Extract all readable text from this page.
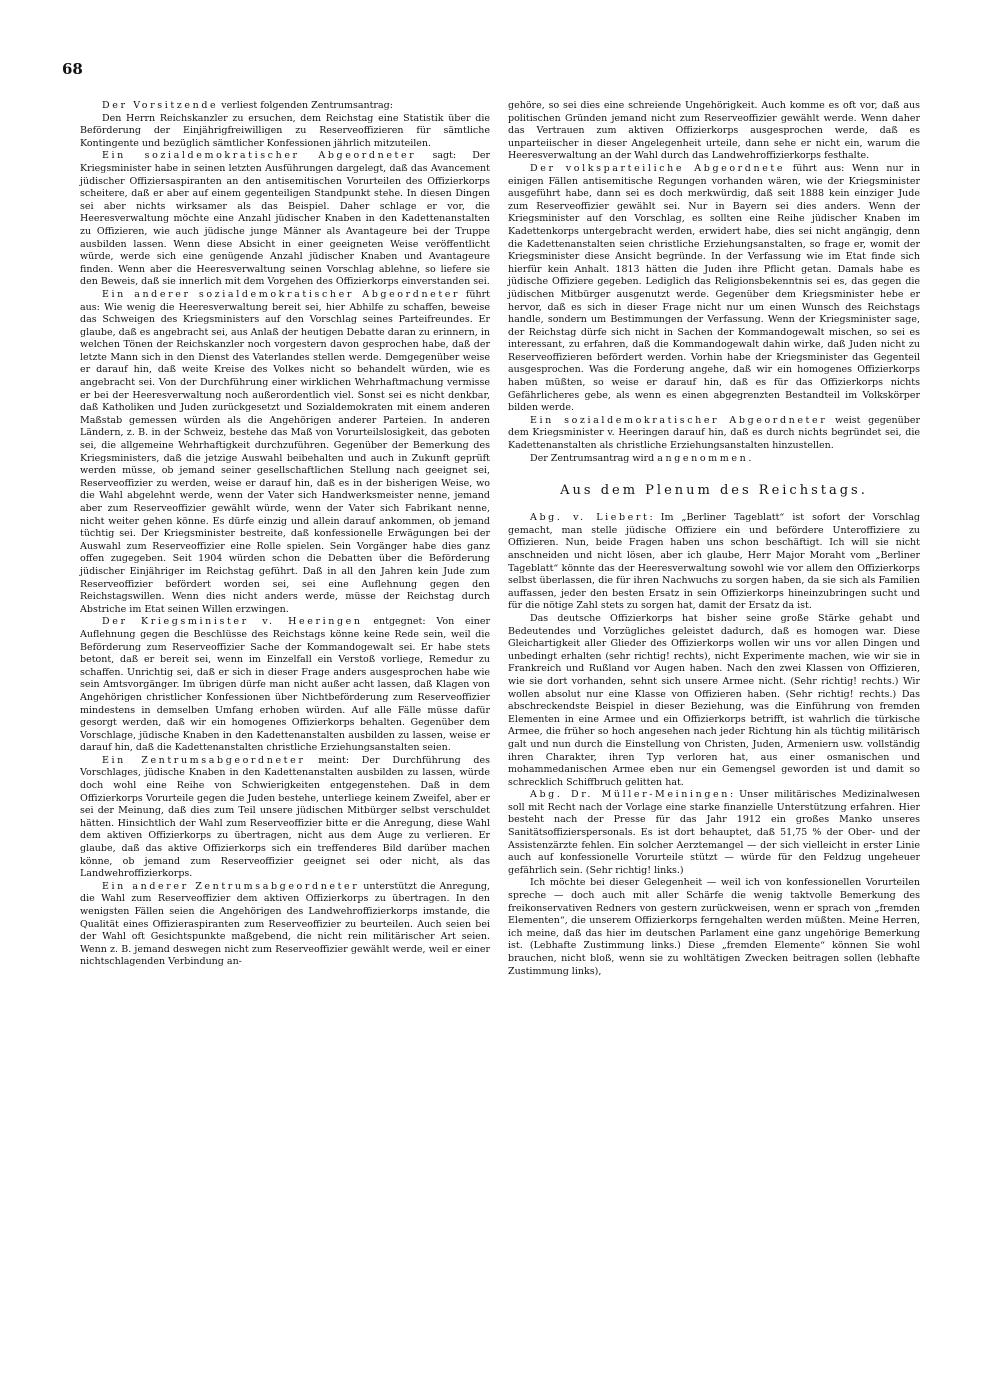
68

Der Vorsitzende verliest folgenden Zentrumsantrag:

Den Herrn Reichskanzler zu ersuchen, dem Reichstag eine Statistik über die Beförderung der Einjährigfreiwilligen zu Reserveoffizieren für sämtliche Kontingente und bezüglich sämtlicher Konfessionen jährlich mitzuteilen.

Ein sozialdemokratischer Abgeordneter sagt: Der Kriegsminister habe in seinen letzten Ausführungen dargelegt, daß das Avancement jüdischer Offiziersaspiranten an den antisemitischen Vorurteilen des Offizierkorps scheitere, daß er aber auf einem gegenteiligen Standpunkt stehe. In diesen Dingen sei aber nichts wirksamer als das Beispiel. Daher schlage er vor, die Heeresverwaltung möchte eine Anzahl jüdischer Knaben in den Kadettenanstalten zu Offizieren, wie auch jüdische junge Männer als Avantageure bei der Truppe ausbilden lassen. Wenn diese Absicht in einer geeigneten Weise veröffentlicht würde, werde sich eine genügende Anzahl jüdischer Knaben und Avantageure finden. Wenn aber die Heeresverwaltung seinen Vorschlag ablehne, so liefere sie den Beweis, daß sie innerlich mit dem Vorgehen des Offizierkorps einverstanden sei.

Ein anderer sozialdemokratischer Abgeordneter führt aus: Wie wenig die Heeresverwaltung bereit sei, hier Abhilfe zu schaffen, beweise das Schweigen des Kriegsministers auf den Vorschlag seines Parteifreundes. Er glaube, daß es angebracht sei, aus Anlaß der heutigen Debatte daran zu erinnern, in welchen Tönen der Reichskanzler noch vorgestern davon gesprochen habe, daß der letzte Mann sich in den Dienst des Vaterlandes stellen werde. Demgegenüber weise er darauf hin, daß weite Kreise des Volkes nicht so behandelt würden, wie es angebracht sei. Von der Durchführung einer wirklichen Wehrhaftmachung vermisse er bei der Heeresverwaltung noch außerordentlich viel. Sonst sei es nicht denkbar, daß Katholiken und Juden zurückgesetzt und Sozialdemokraten mit einem anderen Maßstab gemessen würden als die Angehörigen anderer Parteien. In anderen Ländern, z. B. in der Schweiz, bestehe das Maß von Vorurteilslosigkeit, das geboten sei, die allgemeine Wehrhaftigkeit durchzuführen. Gegenüber der Bemerkung des Kriegsministers, daß die jetzige Auswahl beibehalten und auch in Zukunft geprüft werden müsse, ob jemand seiner gesellschaftlichen Stellung nach geeignet sei, Reserveoffizier zu werden, weise er darauf hin, daß es in der bisherigen Weise, wo die Wahl abgelehnt werde, wenn der Vater sich Handwerksmeister nenne, jemand aber zum Reserveoffizier gewählt würde, wenn der Vater sich Fabrikant nenne, nicht weiter gehen könne. Es dürfe einzig und allein darauf ankommen, ob jemand tüchtig sei. Der Kriegsminister bestreite, daß konfessionelle Erwägungen bei der Auswahl zum Reserveoffizier eine Rolle spielen. Sein Vorgänger habe dies ganz offen zugegeben. Seit 1904 würden schon die Debatten über die Beförderung jüdischer Einjähriger im Reichstag geführt. Daß in all den Jahren kein Jude zum Reserveoffizier befördert worden sei, sei eine Auflehnung gegen den Reichstagswillen. Wenn dies nicht anders werde, müsse der Reichstag durch Abstriche im Etat seinen Willen erzwingen.

Der Kriegsminister v. Heeringen entgegnet: Von einer Auflehnung gegen die Beschlüsse des Reichstags könne keine Rede sein, weil die Beförderung zum Reserveoffizier Sache der Kommandogewalt sei. Er habe stets betont, daß er bereit sei, wenn im Einzelfall ein Verstoß vorliege, Remedur zu schaffen. Unrichtig sei, daß er sich in dieser Frage anders ausgesprochen habe wie sein Amtsvorgänger. Im übrigen dürfe man nicht außer acht lassen, daß Klagen von Angehörigen christlicher Konfessionen über Nichtbeförderung zum Reserveoffizier mindestens in demselben Umfang erhoben würden. Auf alle Fälle müsse dafür gesorgt werden, daß wir ein homogenes Offizierkorps behalten. Gegenüber dem Vorschlage, jüdische Knaben in den Kadettenanstalten ausbilden zu lassen, weise er darauf hin, daß die Kadettenanstalten christliche Erziehungsanstalten seien.

Ein Zentrumsabgeordneter meint: Der Durchführung des Vorschlages, jüdische Knaben in den Kadettenanstalten ausbilden zu lassen, würde doch wohl eine Reihe von Schwierigkeiten entgegenstehen. Daß in dem Offizierkorps Vorurteile gegen die Juden bestehe, unterliege keinem Zweifel, aber er sei der Meinung, daß dies zum Teil unsere jüdischen Mitbürger selbst verschuldet hätten. Hinsichtlich der Wahl zum Reserveoffizier bitte er die Anregung, diese Wahl dem aktiven Offizierkorps zu übertragen, nicht aus dem Auge zu verlieren. Er glaube, daß das aktive Offizierkorps sich ein treffenderes Bild darüber machen könne, ob jemand zum Reserveoffizier geeignet sei oder nicht, als das Landwehroffizierkorps.

Ein anderer Zentrumsabgeordneter unterstützt die Anregung, die Wahl zum Reserveoffizier dem aktiven Offizierkorps zu übertragen. In den wenigsten Fällen seien die Angehörigen des Landwehroffizierkorps imstande, die Qualität eines Offizieraspiranten zum Reserveoffizier zu beurteilen. Auch seien bei der Wahl oft Gesichtspunkte maßgebend, die nicht rein militärischer Art seien. Wenn z. B. jemand deswegen nicht zum Reserveoffizier gewählt werde, weil er einer nichtschlagenden Verbindung an-

gehöre, so sei dies eine schreiende Ungehörigkeit. Auch komme es oft vor, daß aus politischen Gründen jemand nicht zum Reserveoffizier gewählt werde. Wenn daher das Vertrauen zum aktiven Offizierkorps ausgesprochen werde, daß es unparteiischer in dieser Angelegenheit urteile, dann sehe er nicht ein, warum die Heeresverwaltung an der Wahl durch das Landwehroffizierkorps festhalte.

Der volksparteiliche Abgeordnete führt aus: Wenn nur in einigen Fällen antisemitische Regungen vorhanden wären, wie der Kriegsminister ausgeführt habe, dann sei es doch merkwürdig, daß seit 1888 kein einziger Jude zum Reserveoffizier gewählt sei. Nur in Bayern sei dies anders. Wenn der Kriegsminister auf den Vorschlag, es sollten eine Reihe jüdischer Knaben im Kadettenkorps untergebracht werden, erwidert habe, dies sei nicht angängig, denn die Kadettenanstalten seien christliche Erziehungsanstalten, so frage er, womit der Kriegsminister diese Ansicht begründe. In der Verfassung wie im Etat finde sich hierfür kein Anhalt. 1813 hätten die Juden ihre Pflicht getan. Damals habe es jüdische Offiziere gegeben. Lediglich das Religionsbekenntnis sei es, das gegen die jüdischen Mitbürger ausgenutzt werde. Gegenüber dem Kriegsminister hebe er hervor, daß es sich in dieser Frage nicht nur um einen Wunsch des Reichstags handle, sondern um Bestimmungen der Verfassung. Wenn der Kriegsminister sage, der Reichstag dürfe sich nicht in Sachen der Kommandogewalt mischen, so sei es interessant, zu erfahren, daß die Kommandogewalt dahin wirke, daß Juden nicht zu Reserveoffizieren befördert werden. Vorhin habe der Kriegsminister das Gegenteil ausgesprochen. Was die Forderung angehe, daß wir ein homogenes Offizierkorps haben müßten, so weise er darauf hin, daß es für das Offizierkorps nichts Gefährlicheres gebe, als wenn es einen abgegrenzten Bestandteil im Volkskörper bilden werde.

Ein sozialdemokratischer Abgeordneter weist gegenüber dem Kriegsminister v. Heeringen darauf hin, daß es durch nichts begründet sei, die Kadettenanstalten als christliche Erziehungsanstalten hinzustellen.

Der Zentrumsantrag wird angenommen.

Aus dem Plenum des Reichstags.

Abg. v. Liebert: Im „Berliner Tageblatt“ ist sofort der Vorschlag gemacht, man stelle jüdische Offiziere ein und befördere Unteroffiziere zu Offizieren. Nun, beide Fragen haben uns schon beschäftigt. Ich will sie nicht anschneiden und nicht lösen, aber ich glaube, Herr Major Moraht vom „Berliner Tageblatt“ könnte das der Heeresverwaltung sowohl wie vor allem den Offizierkorps selbst überlassen, die für ihren Nachwuchs zu sorgen haben, da sie sich als Familien auffassen, jeder den besten Ersatz in sein Offizierkorps hineinzubringen sucht und für die nötige Zahl stets zu sorgen hat, damit der Ersatz da ist.

Das deutsche Offizierkorps hat bisher seine große Stärke gehabt und Bedeutendes und Vorzügliches geleistet dadurch, daß es homogen war. Diese Gleichartigkeit aller Glieder des Offizierkorps wollen wir uns vor allen Dingen und unbedingt erhalten (sehr richtig! rechts), nicht Experimente machen, wie wir sie in Frankreich und Rußland vor Augen haben. Nach den zwei Klassen von Offizieren, wie sie dort vorhanden, sehnt sich unsere Armee nicht. (Sehr richtig! rechts.) Wir wollen absolut nur eine Klasse von Offizieren haben. (Sehr richtig! rechts.) Das abschreckendste Beispiel in dieser Beziehung, was die Einführung von fremden Elementen in eine Armee und ein Offizierkorps betrifft, ist wahrlich die türkische Armee, die früher so hoch angesehen nach jeder Richtung hin als tüchtig militärisch galt und nun durch die Einstellung von Christen, Juden, Armeniern usw. vollständig ihren Charakter, ihren Typ verloren hat, aus einer osmanischen und mohammedanischen Armee eben nur ein Gemengsel geworden ist und damit so schrecklich Schiffbruch gelitten hat.

Abg. Dr. Müller-Meiningen: Unser militärisches Medizinalwesen soll mit Recht nach der Vorlage eine starke finanzielle Unterstützung erfahren. Hier besteht nach der Presse für das Jahr 1912 ein großes Manko unseres Sanitätsoffizierspersonals. Es ist dort behauptet, daß 51,75 % der Ober- und der Assistenzärzte fehlen. Ein solcher Aerztemangel — der sich vielleicht in erster Linie auch auf konfessionelle Vorurteile stützt — würde für den Feldzug ungeheuer gefährlich sein. (Sehr richtig! links.)

Ich möchte bei dieser Gelegenheit — weil ich von konfessionellen Vorurteilen spreche — doch auch mit aller Schärfe die wenig taktvolle Bemerkung des freikonservativen Redners von gestern zurückweisen, wenn er sprach von „fremden Elementen“, die unserem Offizierkorps ferngehalten werden müßten. Meine Herren, ich meine, daß das hier im deutschen Parlament eine ganz ungehörige Bemerkung ist. (Lebhafte Zustimmung links.) Diese „fremden Elemente“ können Sie wohl brauchen, nicht bloß, wenn sie zu wohltätigen Zwecken beitragen sollen (lebhafte Zustimmung links),
